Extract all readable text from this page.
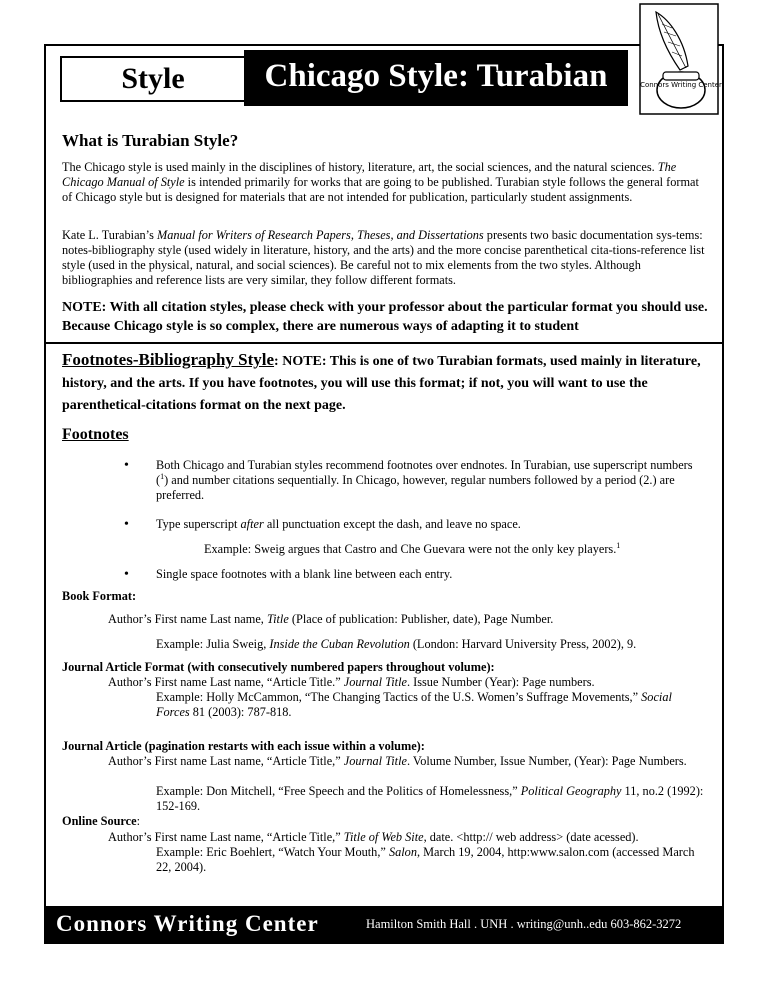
Connors Writing Center
Style	Chicago Style: Turabian
What is Turabian Style?

The Chicago style is used mainly in the disciplines of history, literature, art, the social sciences, and the natural sciences. The Chicago Manual of Style is intended primarily for works that are going to be published. Turabian style follows the general format of Chicago style but is designed for materials that are not intended for publication, particularly student assignments.

Kate L. Turabian’s Manual for Writers of Research Papers, Theses, and Dissertations presents two basic documentation sys-tems: notes-bibliography style (used widely in literature, history, and the arts) and the more concise parenthetical cita-tions-reference list style (used in the physical, natural, and social sciences). Be careful not to mix elements from the two styles. Although bibliographies and reference lists are very similar, they follow different formats.

NOTE: With all citation styles, please check with your professor about the particular format you should use. Because Chicago style is so complex, there are numerous ways of adapting it to student
Footnotes-Bibliography Style: NOTE: This is one of two Turabian formats, used mainly in literature, history, and the arts. If you have footnotes, you will use this format; if not, you will want to use the parenthetical-citations format on the next page.
Footnotes
• Both Chicago and Turabian styles recommend footnotes over endnotes. In Turabian, use superscript numbers ($^1$) and number citations sequentially. In Chicago, however, regular numbers followed by a period (2.) are preferred.
• Type superscript after all punctuation except the dash, and leave no space.
Example: Sweig argues that Castro and Che Guevara were not the only key players.$^1$
• Single space footnotes with a blank line between each entry.
Book Format:
Author’s First name Last name, Title (Place of publication: Publisher, date), Page Number.
Example: Julia Sweig, Inside the Cuban Revolution (London: Harvard University Press, 2002), 9.
Journal Article Format (with consecutively numbered papers throughout volume):
Author’s First name Last name, “Article Title.” Journal Title. Issue Number (Year): Page numbers.
Example: Holly McCammon, “The Changing Tactics of the U.S. Women’s Suffrage Movements,” Social Forces 81 (2003): 787-818.
Journal Article (pagination restarts with each issue within a volume):
Author’s First name Last name, “Article Title,” Journal Title. Volume Number, Issue Number, (Year): Page Numbers.
Example: Don Mitchell, “Free Speech and the Politics of Homelessness,” Political Geography 11, no.2 (1992): 152-169.
Online Source:
Author’s First name Last name, “Article Title,” Title of Web Site, date. <http:// web address> (date acessed).
Example: Eric Boehlert, “Watch Your Mouth,” Salon, March 19, 2004, http:www.salon.com (accessed March 22, 2004).
Connors Writing Center	Hamilton Smith Hall . UNH . writing@unh..edu 603-862-3272
